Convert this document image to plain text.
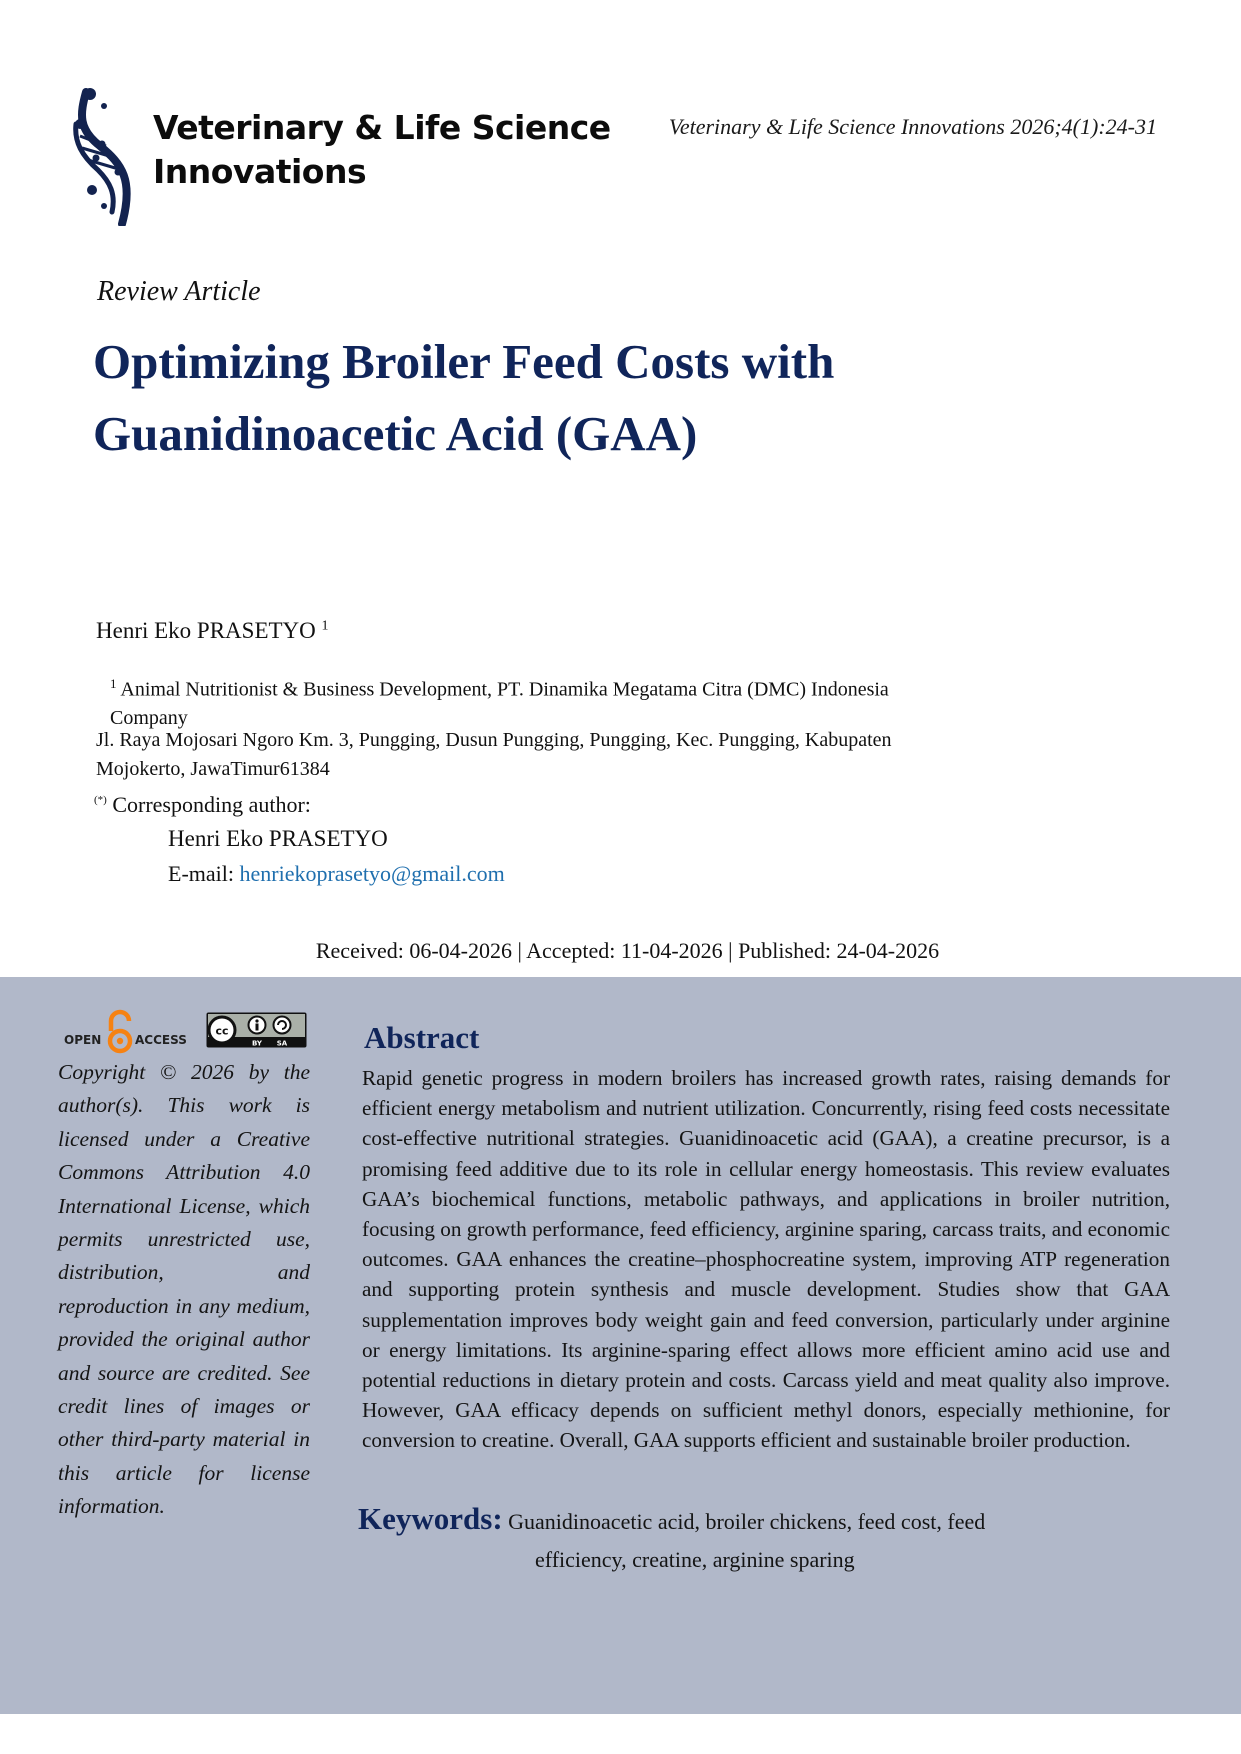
Veterinary & Life Science
Innovations
Veterinary & Life Science Innovations 2026;4(1):24-31
Review Article
Optimizing Broiler Feed Costs with
Guanidinoacetic Acid (GAA)
Henri Eko PRASETYO $^1$
$^1$ Animal Nutritionist & Business Development, PT. Dinamika Megatama Citra (DMC) Indonesia
Company
Jl. Raya Mojosari Ngoro Km. 3, Pungging, Dusun Pungging, Pungging, Kec. Pungging, Kabupaten
Mojokerto, JawaTimur61384
(*) Corresponding author:
Henri Eko PRASETYO
E-mail: henriekoprasetyo@gmail.com
Received: 06-04-2026 | Accepted: 11-04-2026 | Published: 24-04-2026
OPEN	ACCESS
cc
BY SA
Copyright © 2026 by the author(s). This work is licensed under a Creative Commons Attribution 4.0 International License, which permits unrestricted use, distribution, and reproduction in any medium, provided the original author and source are credited. See credit lines of images or other third-party material in this article for license information.
Abstract
Rapid genetic progress in modern broilers has increased growth rates, raising demands for efficient energy metabolism and nutrient utilization. Concurrently, rising feed costs necessitate cost-effective nutritional strategies. Guanidinoacetic acid (GAA), a creatine precursor, is a promising feed additive due to its role in cellular energy homeostasis. This review evaluates GAA’s biochemical functions, metabolic pathways, and applications in broiler nutrition, focusing on growth performance, feed efficiency, arginine sparing, carcass traits, and economic outcomes. GAA enhances the creatine–phosphocreatine system, improving ATP regeneration and supporting protein synthesis and muscle development. Studies show that GAA supplementation improves body weight gain and feed conversion, particularly under arginine or energy limitations. Its arginine-sparing effect allows more efficient amino acid use and potential reductions in dietary protein and costs. Carcass yield and meat quality also improve. However, GAA efficacy depends on sufficient methyl donors, especially methionine, for conversion to creatine. Overall, GAA supports efficient and sustainable broiler production.
Keywords: Guanidinoacetic acid, broiler chickens, feed cost, feed
efficiency, creatine, arginine sparing
